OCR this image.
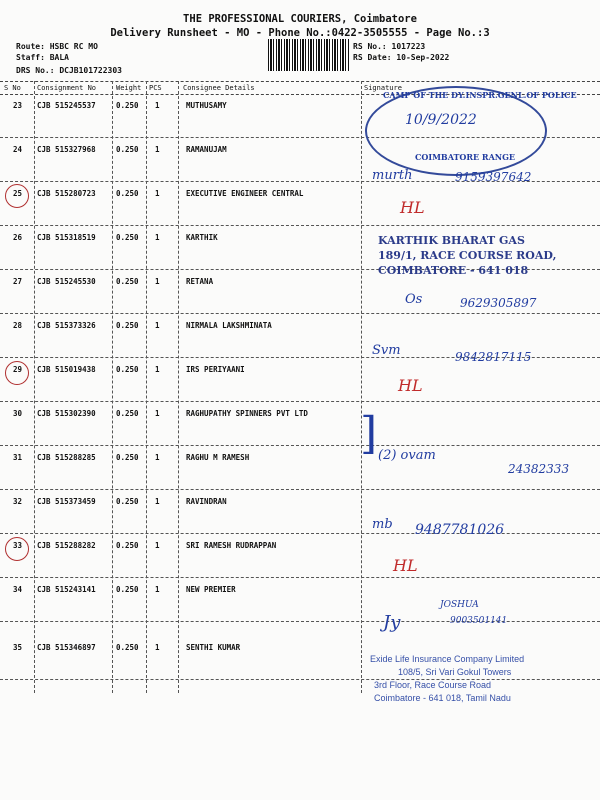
THE PROFESSIONAL COURIERS, Coimbatore
Delivery Runsheet - MO - Phone No.:0422-3505555 - Page No.:3
Route: HSBC RC MO
Staff: BALA
DRS No.: DCJB101722303
RS No.: 1017223
RS Date: 10-Sep-2022
S No Consignment No	Weight PCS	Consignee Details	Signature
23 CJB 515245537	0.250 1	MUTHUSAMY
24 CJB 515327968	0.250 1	RAMANUJAM
25 CJB 515280723	0.250 1	EXECUTIVE ENGINEER CENTRAL
26 CJB 515318519	0.250 1	KARTHIK
27 CJB 515245530	0.250 1	RETANA
28 CJB 515373326	0.250 1	NIRMALA LAKSHMINATA
29 CJB 515019438	0.250 1	IRS PERIYAANI
30 CJB 515302390	0.250 1	RAGHUPATHY SPINNERS PVT LTD
31 CJB 515288285	0.250 1	RAGHU M RAMESH
32 CJB 515373459	0.250 1	RAVINDRAN
33 CJB 515288282	0.250 1	SRI RAMESH RUDRAPPAN
34 CJB 515243141	0.250 1	NEW PREMIER
35 CJB 515346897	0.250 1	SENTHI KUMAR
CAMP OF THE DY.INSPR.GENL.OF POLICE
COIMBATORE RANGE
10/9/2022
murth	9159397642
HL
KARTHIK BHARAT GAS
189/1, RACE COURSE ROAD,
COIMBATORE - 641 018
Os	9629305897
Svm	9842817115
HL
] (2) ovam
24382333
mb 9487781026
HL
Jy
JOSHUA
9003501141
Exide Life Insurance Company Limited
108/5, Sri Vari Gokul Towers
3rd Floor, Race Course Road
Coimbatore - 641 018, Tamil Nadu
